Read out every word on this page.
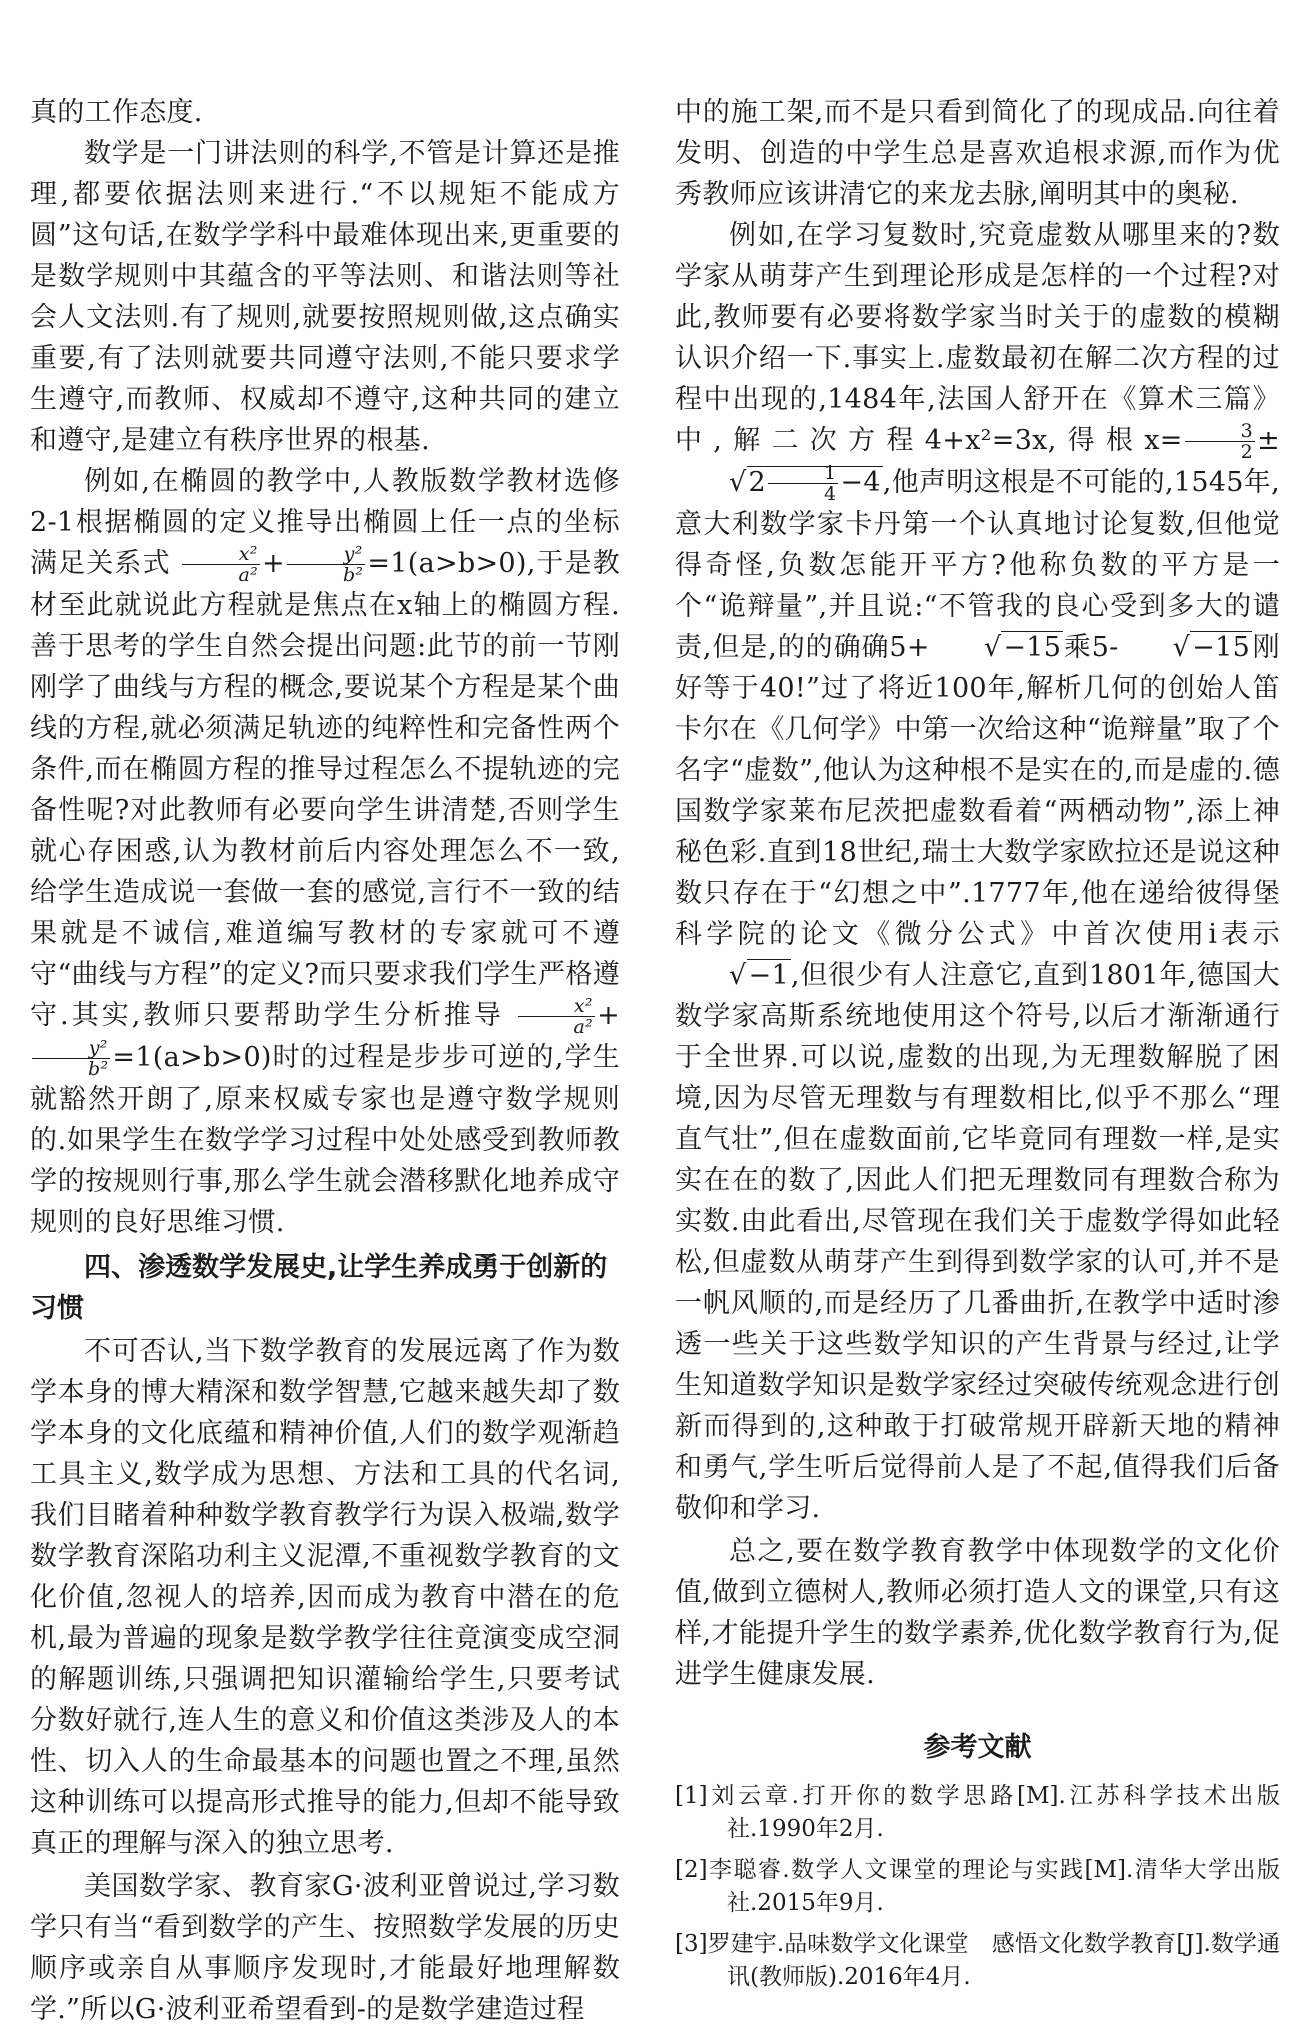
真的工作态度.

数学是一门讲法则的科学,不管是计算还是推理,都要依据法则来进行.“不以规矩不能成方圆”这句话,在数学学科中最难体现出来,更重要的是数学规则中其蕴含的平等法则、和谐法则等社会人文法则.有了规则,就要按照规则做,这点确实重要,有了法则就要共同遵守法则,不能只要求学生遵守,而教师、权威却不遵守,这种共同的建立和遵守,是建立有秩序世界的根基.

例如,在椭圆的教学中,人教版数学教材选修2-1根据椭圆的定义推导出椭圆上任一点的坐标满足关系式 $\frac{\text{x²}}{\text{a²}} + \frac{\text{y²}}{\text{b²}} =1(a>b>0)$,于是教材至此就说此方程就是焦点在x轴上的椭圆方程.善于思考的学生自然会提出问题:此节的前一节刚刚学了曲线与方程的概念,要说某个方程是某个曲线的方程,就必须满足轨迹的纯粹性和完备性两个条件,而在椭圆方程的推导过程怎么不提轨迹的完备性呢?对此教师有必要向学生讲清楚,否则学生就心存困惑,认为教材前后内容处理怎么不一致,给学生造成说一套做一套的感觉,言行不一致的结果就是不诚信,难道编写教材的专家就可不遵守“曲线与方程”的定义?而只要求我们学生严格遵守.其实,教师只要帮助学生分析推导 $\frac{\text{x²}}{\text{a²}}$ +
$\frac{\text{y²}}{\text{b²}} =1(a>b>0)$时的过程是步步可逆的,学生就豁然开朗了,原来权威专家也是遵守数学规则的.如果学生在数学学习过程中处处感受到教师教学的按规则行事,那么学生就会潜移默化地养成守规则的良好思维习惯.

四、渗透数学发展史,让学生养成勇于创新的习惯

不可否认,当下数学教育的发展远离了作为数学本身的博大精深和数学智慧,它越来越失却了数学本身的文化底蕴和精神价值,人们的数学观渐趋工具主义,数学成为思想、方法和工具的代名词,我们目睹着种种数学教育教学行为误入极端,数学数学教育深陷功利主义泥潭,不重视数学教育的文化价值,忽视人的培养,因而成为教育中潜在的危机,最为普遍的现象是数学教学往往竟演变成空洞的解题训练,只强调把知识灌输给学生,只要考试分数好就行,连人生的意义和价值这类涉及人的本性、切入人的生命最基本的问题也置之不理,虽然这种训练可以提高形式推导的能力,但却不能导致真正的理解与深入的独立思考.

美国数学家、教育家G·波利亚曾说过,学习数学只有当“看到数学的产生、按照数学发展的历史顺序或亲自从事顺序发现时,才能最好地理解数学.”所以G·波利亚希望看到-的是数学建造过程

中的施工架,而不是只看到简化了的现成品.向往着发明、创造的中学生总是喜欢追根求源,而作为优秀教师应该讲清它的来龙去脉,阐明其中的奥秘.

例如,在学习复数时,究竟虚数从哪里来的?数学家从萌芽产生到理论形成是怎样的一个过程?对此,教师要有必要将数学家当时关于的虚数的模糊认识介绍一下.事实上.虚数最初在解二次方程的过程中出现的,1484年,法国人舒开在《算术三篇》中,解二次方程4+x²=3x,得根$x= \frac{3}{2} \pm √2 \frac{1}{4} -4$,他声明这根是不可能的,1545年,意大利数学家卡丹第一个认真地讨论复数,但他觉得奇怪,负数怎能开平方?他称负数的平方是一个“诡辩量”,并且说:“不管我的良心受到多大的谴责,但是,的的确确5+ √−15乘5- √−15刚好等于40!”过了将近100年,解析几何的创始人笛卡尔在《几何学》中第一次给这种“诡辩量”取了个名字“虚数”,他认为这种根不是实在的,而是虚的.德国数学家莱布尼茨把虚数看着“两栖动物”,添上神秘色彩.直到18世纪,瑞士大数学家欧拉还是说这种数只存在于“幻想之中”.1777年,他在递给彼得堡科学院的论文《微分公式》中首次使用i表示√−1,但很少有人注意它,直到1801年,德国大数学家高斯系统地使用这个符号,以后才渐渐通行于全世界.可以说,虚数的出现,为无理数解脱了困境,因为尽管无理数与有理数相比,似乎不那么“理直气壮”,但在虚数面前,它毕竟同有理数一样,是实实在在的数了,因此人们把无理数同有理数合称为实数.由此看出,尽管现在我们关于虚数学得如此轻松,但虚数从萌芽产生到得到数学家的认可,并不是一帆风顺的,而是经历了几番曲折,在教学中适时渗透一些关于这些数学知识的产生背景与经过,让学生知道数学知识是数学家经过突破传统观念进行创新而得到的,这种敢于打破常规开辟新天地的精神和勇气,学生听后觉得前人是了不起,值得我们后备敬仰和学习.

总之,要在数学教育教学中体现数学的文化价值,做到立德树人,教师必须打造人文的课堂,只有这样,才能提升学生的数学素养,优化数学教育行为,促进学生健康发展.

参考文献
[1]刘云章.打开你的数学思路[M].江苏科学技术出版社.1990年2月.
[2]李聪睿.数学人文课堂的理论与实践[M].清华大学出版社.2015年9月.
[3]罗建宇.品味数学文化课堂　感悟文化数学教育[J].数学通讯(教师版).2016年4月.
